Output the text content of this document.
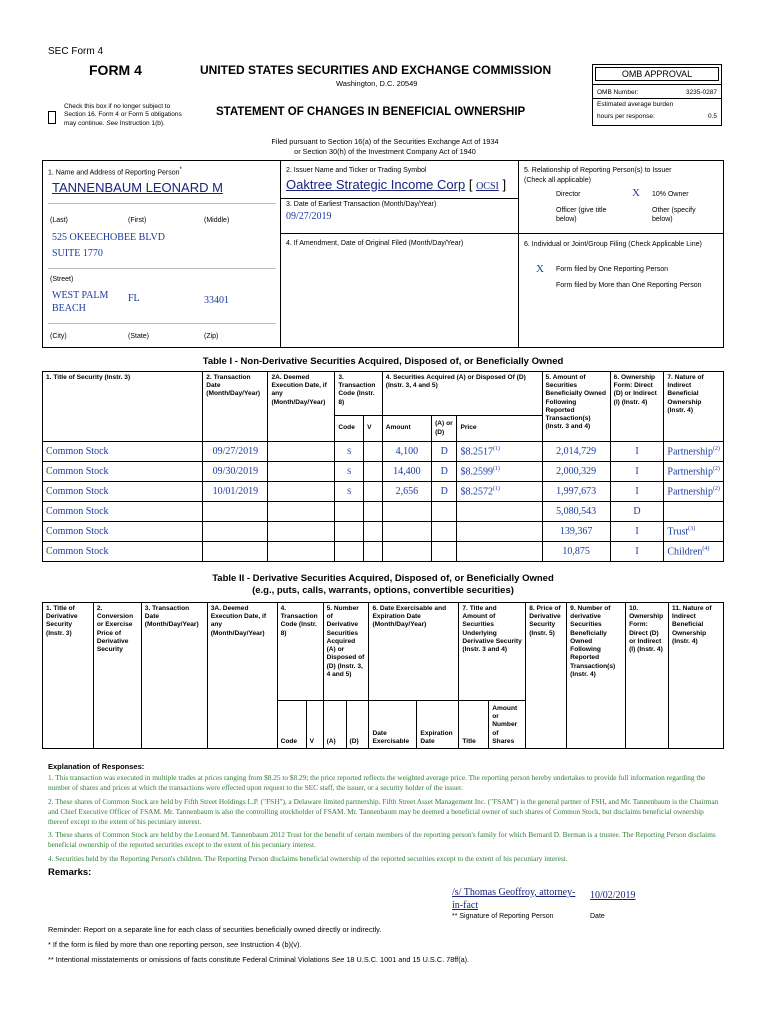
SEC Form 4
FORM 4	UNITED STATES SECURITIES AND EXCHANGE COMMISSION
Washington, D.C. 20549
Check this box if no longer subject to Section 16. Form 4 or Form 5 obligations may continue. See Instruction 1(b).
STATEMENT OF CHANGES IN BENEFICIAL OWNERSHIP
Filed pursuant to Section 16(a) of the Securities Exchange Act of 1934
or Section 30(h) of the Investment Company Act of 1940
OMB APPROVAL
OMB Number:	3235-0287
Estimated average burden
hours per response:	0.5
1. Name and Address of Reporting Person*
TANNENBAUM LEONARD M
(Last)	(First)	(Middle)
525 OKEECHOBEE BLVD
SUITE 1770
(Street)
WEST PALM BEACH
FL	33401
(City)	(State)	(Zip)
2. Issuer Name and Ticker or Trading Symbol
Oaktree Strategic Income Corp [ OCSI ]
3. Date of Earliest Transaction (Month/Day/Year)
09/27/2019
4. If Amendment, Date of Original Filed (Month/Day/Year)
5. Relationship of Reporting Person(s) to Issuer
(Check all applicable)
Director	X 10% Owner
Officer (give title below)
Other (specify below)
6. Individual or Joint/Group Filing (Check Applicable Line)
X Form filed by One Reporting Person
Form filed by More than One Reporting Person
Table I - Non-Derivative Securities Acquired, Disposed of, or Beneficially Owned
1. Title of Security (Instr. 3)	2. Transaction Date (Month/Day/Year)	2A. Deemed Execution Date, if any (Month/Day/Year)	3. Transaction Code (Instr. 8)		4. Securities Acquired (A) or Disposed Of (D) (Instr. 3, 4 and 5)			5. Amount of Securities Beneficially Owned Following Reported Transaction(s) (Instr. 3 and 4)	6. Ownership Form: Direct (D) or Indirect (I) (Instr. 4)	7. Nature of Indirect Beneficial Ownership (Instr. 4)
			Code	V	Amount	(A) or (D)	Price			
Common Stock	09/27/2019		S		4,100	D	$8.2517$^{(1)}$	2,014,729	I	Partnership$^{(2)}$
Common Stock	09/30/2019		S		14,400	D	$8.2599$^{(1)}$	2,000,329	I	Partnership$^{(2)}$
Common Stock	10/01/2019		S		2,656	D	$8.2572$^{(1)}$	1,997,673	I	Partnership$^{(2)}$
Common Stock								5,080,543	D	
Common Stock								139,367	I	Trust$^{(3)}$
Common Stock								10,875	I	Children$^{(4)}$
Table II - Derivative Securities Acquired, Disposed of, or Beneficially Owned
(e.g., puts, calls, warrants, options, convertible securities)
1. Title of Derivative Security (Instr. 3)	2. Conversion or Exercise Price of Derivative Security	3. Transaction Date (Month/Day/Year)	3A. Deemed Execution Date, if any (Month/Day/Year)	4. Transaction Code (Instr. 8)		5. Number of Derivative Securities Acquired (A) or Disposed of (D) (Instr. 3, 4 and 5)		6. Date Exercisable and Expiration Date (Month/Day/Year)		7. Title and Amount of Securities Underlying Derivative Security (Instr. 3 and 4)		8. Price of Derivative Security (Instr. 5)	9. Number of derivative Securities Beneficially Owned Following Reported Transaction(s) (Instr. 4)	10. Ownership Form: Direct (D) or Indirect (I) (Instr. 4)	11. Nature of Indirect Beneficial Ownership (Instr. 4)
				Code	V	(A)	(D)	Date Exercisable	Expiration Date	Title	Amount or Number of Shares				
Explanation of Responses:
1. This transaction was executed in multiple trades at prices ranging from $8.25 to $8.29; the price reported reflects the weighted average price. The reporting person hereby undertakes to provide full information regarding the number of shares and prices at which the transactions were effected upon request to the SEC staff, the issuer, or a security holder of the issuer.
2. These shares of Common Stock are held by Fifth Street Holdings L.P. ("FSH"), a Delaware limited partnership. Fifth Street Asset Management Inc. ("FSAM") is the general partner of FSH, and Mr. Tannenbaum is the Chairman and Chief Executive Officer of FSAM. Mr. Tannenbaum is also the controlling stockholder of FSAM. Mr. Tannenbaum may be deemed a beneficial owner of such shares of Common Stock, but disclaims beneficial ownership thereof except to the extent of his pecuniary interest.
3. These shares of Common Stock are held by the Leonard M. Tannenbaum 2012 Trust for the benefit of certain members of the reporting person's family for which Bernard D. Berman is a trustee. The Reporting Person disclaims beneficial ownership of the reported securities except to the extent of his pecuniary interest.
4. Securities held by the Reporting Person's children. The Reporting Person disclaims beneficial ownership of the reported securities except to the extent of his pecuniary interest.
Remarks:
/s/ Thomas Geoffroy, attorney-in-fact
10/02/2019
** Signature of Reporting Person	Date
Reminder: Report on a separate line for each class of securities beneficially owned directly or indirectly.
* If the form is filed by more than one reporting person, see Instruction 4 (b)(v).
** Intentional misstatements or omissions of facts constitute Federal Criminal Violations See 18 U.S.C. 1001 and 15 U.S.C. 78ff(a).
